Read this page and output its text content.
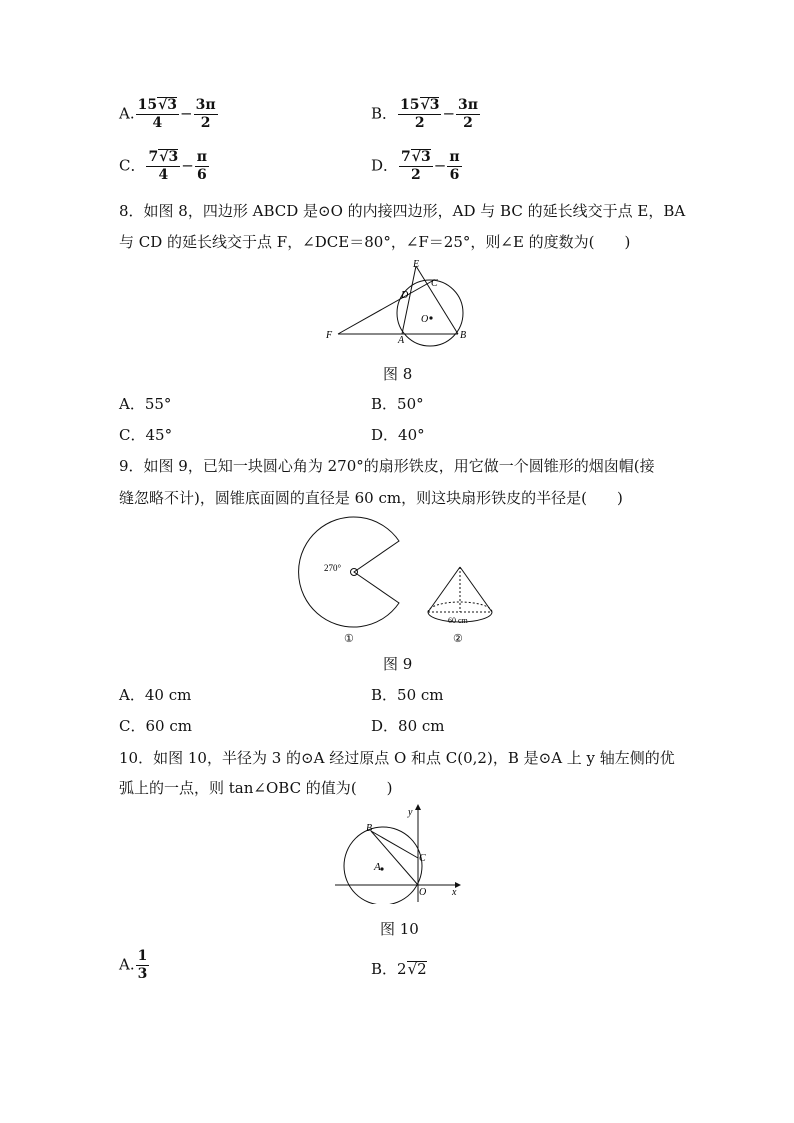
A. $\frac{15√3}{4} - \frac{3\pi}{2}$	B． $\frac{15√3}{2} - \frac{3\pi}{2}$
C． $\frac{7√3}{4} - \frac{\pi}{6}$	D． $\frac{7√3}{2} - \frac{\pi}{6}$
8．如图 8，四边形 ABCD 是⊙O 的内接四边形，AD 与 BC 的延长线交于点 E，BA
与 CD 的延长线交于点 F，∠DCE＝80°，∠F＝25°，则∠E 的度数为(　　)
E
C
D
O
F	A	B
图 8
A．55°	B．50°
C．45°	D．40°
9．如图 9，已知一块圆心角为 270°的扇形铁皮，用它做一个圆锥形的烟囱帽(接
缝忽略不计)，圆锥底面圆的直径是 60 cm，则这块扇形铁皮的半径是(　　)
270°
60 cm
①	②
图 9
A．40 cm	B．50 cm
C．60 cm	D．80 cm
10．如图 10，半径为 3 的⊙A 经过原点 O 和点 C(0,2)，B 是⊙A 上 y 轴左侧的优
弧上的一点，则 tan∠OBC 的值为(　　)
B
A
C
O	x
y
图 10
A. $\frac{1}{3}$	B．2√2
